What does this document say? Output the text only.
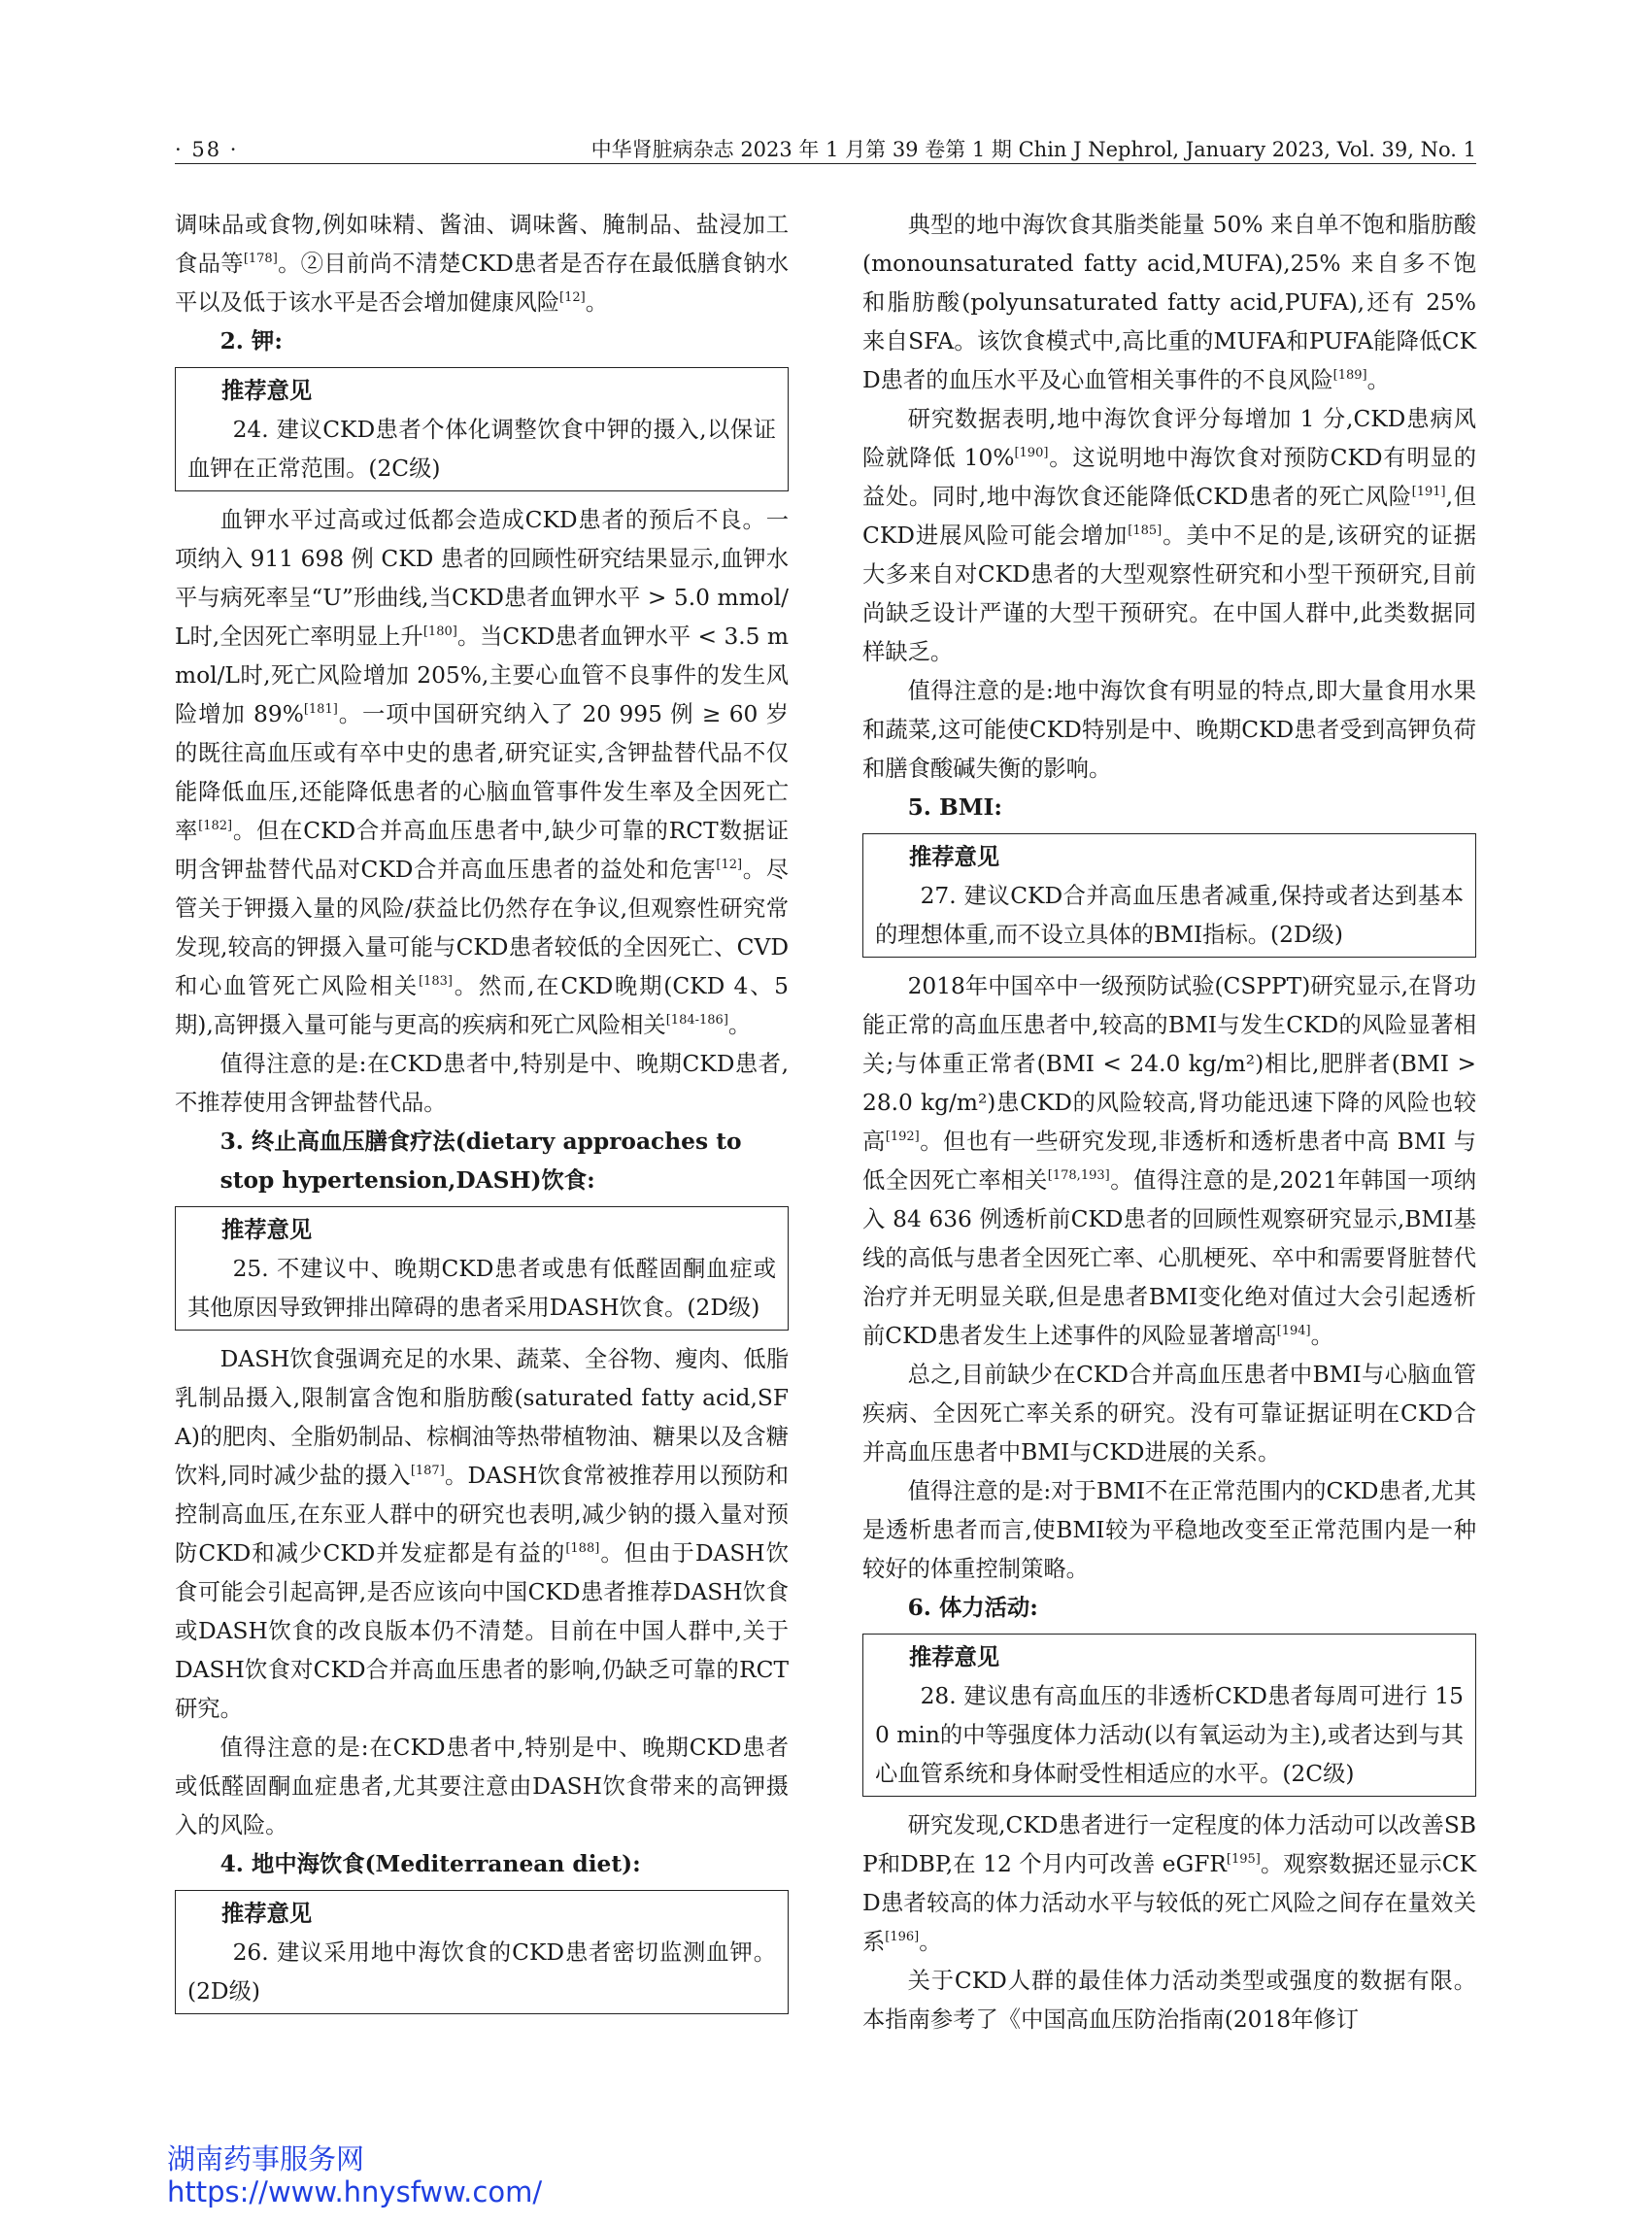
· 58 ·	中华肾脏病杂志 2023 年 1 月第 39 卷第 1 期 Chin J Nephrol, January 2023, Vol. 39, No. 1

调味品或食物,例如味精、酱油、调味酱、腌制品、盐浸加工食品等[178]。②目前尚不清楚CKD患者是否存在最低膳食钠水平以及低于该水平是否会增加健康风险[12]。

2. 钾:

推荐意见

24. 建议CKD患者个体化调整饮食中钾的摄入,以保证血钾在正常范围。(2C级)

血钾水平过高或过低都会造成CKD患者的预后不良。一项纳入 911 698 例 CKD 患者的回顾性研究结果显示,血钾水平与病死率呈“U”形曲线,当CKD患者血钾水平 > 5.0 mmol/L时,全因死亡率明显上升[180]。当CKD患者血钾水平 < 3.5 mmol/L时,死亡风险增加 205%,主要心血管不良事件的发生风险增加 89%[181]。一项中国研究纳入了 20 995 例 ≥ 60 岁的既往高血压或有卒中史的患者,研究证实,含钾盐替代品不仅能降低血压,还能降低患者的心脑血管事件发生率及全因死亡率[182]。但在CKD合并高血压患者中,缺少可靠的RCT数据证明含钾盐替代品对CKD合并高血压患者的益处和危害[12]。尽管关于钾摄入量的风险/获益比仍然存在争议,但观察性研究常发现,较高的钾摄入量可能与CKD患者较低的全因死亡、CVD和心血管死亡风险相关[183]。然而,在CKD晚期(CKD 4、5期),高钾摄入量可能与更高的疾病和死亡风险相关[184-186]。

值得注意的是:在CKD患者中,特别是中、晚期CKD患者,不推荐使用含钾盐替代品。

3. 终止高血压膳食疗法(dietary approaches to stop hypertension,DASH)饮食:

推荐意见

25. 不建议中、晚期CKD患者或患有低醛固酮血症或其他原因导致钾排出障碍的患者采用DASH饮食。(2D级)

DASH饮食强调充足的水果、蔬菜、全谷物、瘦肉、低脂乳制品摄入,限制富含饱和脂肪酸(saturated fatty acid,SFA)的肥肉、全脂奶制品、棕榈油等热带植物油、糖果以及含糖饮料,同时减少盐的摄入[187]。DASH饮食常被推荐用以预防和控制高血压,在东亚人群中的研究也表明,减少钠的摄入量对预防CKD和减少CKD并发症都是有益的[188]。但由于DASH饮食可能会引起高钾,是否应该向中国CKD患者推荐DASH饮食或DASH饮食的改良版本仍不清楚。目前在中国人群中,关于DASH饮食对CKD合并高血压患者的影响,仍缺乏可靠的RCT研究。

值得注意的是:在CKD患者中,特别是中、晚期CKD患者或低醛固酮血症患者,尤其要注意由DASH饮食带来的高钾摄入的风险。

4. 地中海饮食(Mediterranean diet):

推荐意见

26. 建议采用地中海饮食的CKD患者密切监测血钾。(2D级)

典型的地中海饮食其脂类能量 50% 来自单不饱和脂肪酸(monounsaturated fatty acid,MUFA),25% 来自多不饱和脂肪酸(polyunsaturated fatty acid,PUFA),还有 25% 来自SFA。该饮食模式中,高比重的MUFA和PUFA能降低CKD患者的血压水平及心血管相关事件的不良风险[189]。

研究数据表明,地中海饮食评分每增加 1 分,CKD患病风险就降低 10%[190]。这说明地中海饮食对预防CKD有明显的益处。同时,地中海饮食还能降低CKD患者的死亡风险[191],但CKD进展风险可能会增加[185]。美中不足的是,该研究的证据大多来自对CKD患者的大型观察性研究和小型干预研究,目前尚缺乏设计严谨的大型干预研究。在中国人群中,此类数据同样缺乏。

值得注意的是:地中海饮食有明显的特点,即大量食用水果和蔬菜,这可能使CKD特别是中、晚期CKD患者受到高钾负荷和膳食酸碱失衡的影响。

5. BMI:

推荐意见

27. 建议CKD合并高血压患者减重,保持或者达到基本的理想体重,而不设立具体的BMI指标。(2D级)

2018年中国卒中一级预防试验(CSPPT)研究显示,在肾功能正常的高血压患者中,较高的BMI与发生CKD的风险显著相关;与体重正常者(BMI < 24.0 kg/m²)相比,肥胖者(BMI > 28.0 kg/m²)患CKD的风险较高,肾功能迅速下降的风险也较高[192]。但也有一些研究发现,非透析和透析患者中高 BMI 与低全因死亡率相关[178,193]。值得注意的是,2021年韩国一项纳入 84 636 例透析前CKD患者的回顾性观察研究显示,BMI基线的高低与患者全因死亡率、心肌梗死、卒中和需要肾脏替代治疗并无明显关联,但是患者BMI变化绝对值过大会引起透析前CKD患者发生上述事件的风险显著增高[194]。

总之,目前缺少在CKD合并高血压患者中BMI与心脑血管疾病、全因死亡率关系的研究。没有可靠证据证明在CKD合并高血压患者中BMI与CKD进展的关系。

值得注意的是:对于BMI不在正常范围内的CKD患者,尤其是透析患者而言,使BMI较为平稳地改变至正常范围内是一种较好的体重控制策略。

6. 体力活动:

推荐意见

28. 建议患有高血压的非透析CKD患者每周可进行 150 min的中等强度体力活动(以有氧运动为主),或者达到与其心血管系统和身体耐受性相适应的水平。(2C级)

研究发现,CKD患者进行一定程度的体力活动可以改善SBP和DBP,在 12 个月内可改善 eGFR[195]。观察数据还显示CKD患者较高的体力活动水平与较低的死亡风险之间存在量效关系[196]。

关于CKD人群的最佳体力活动类型或强度的数据有限。本指南参考了《中国高血压防治指南(2018年修订

湖南药事服务网
https://www.hnysfww.com/
